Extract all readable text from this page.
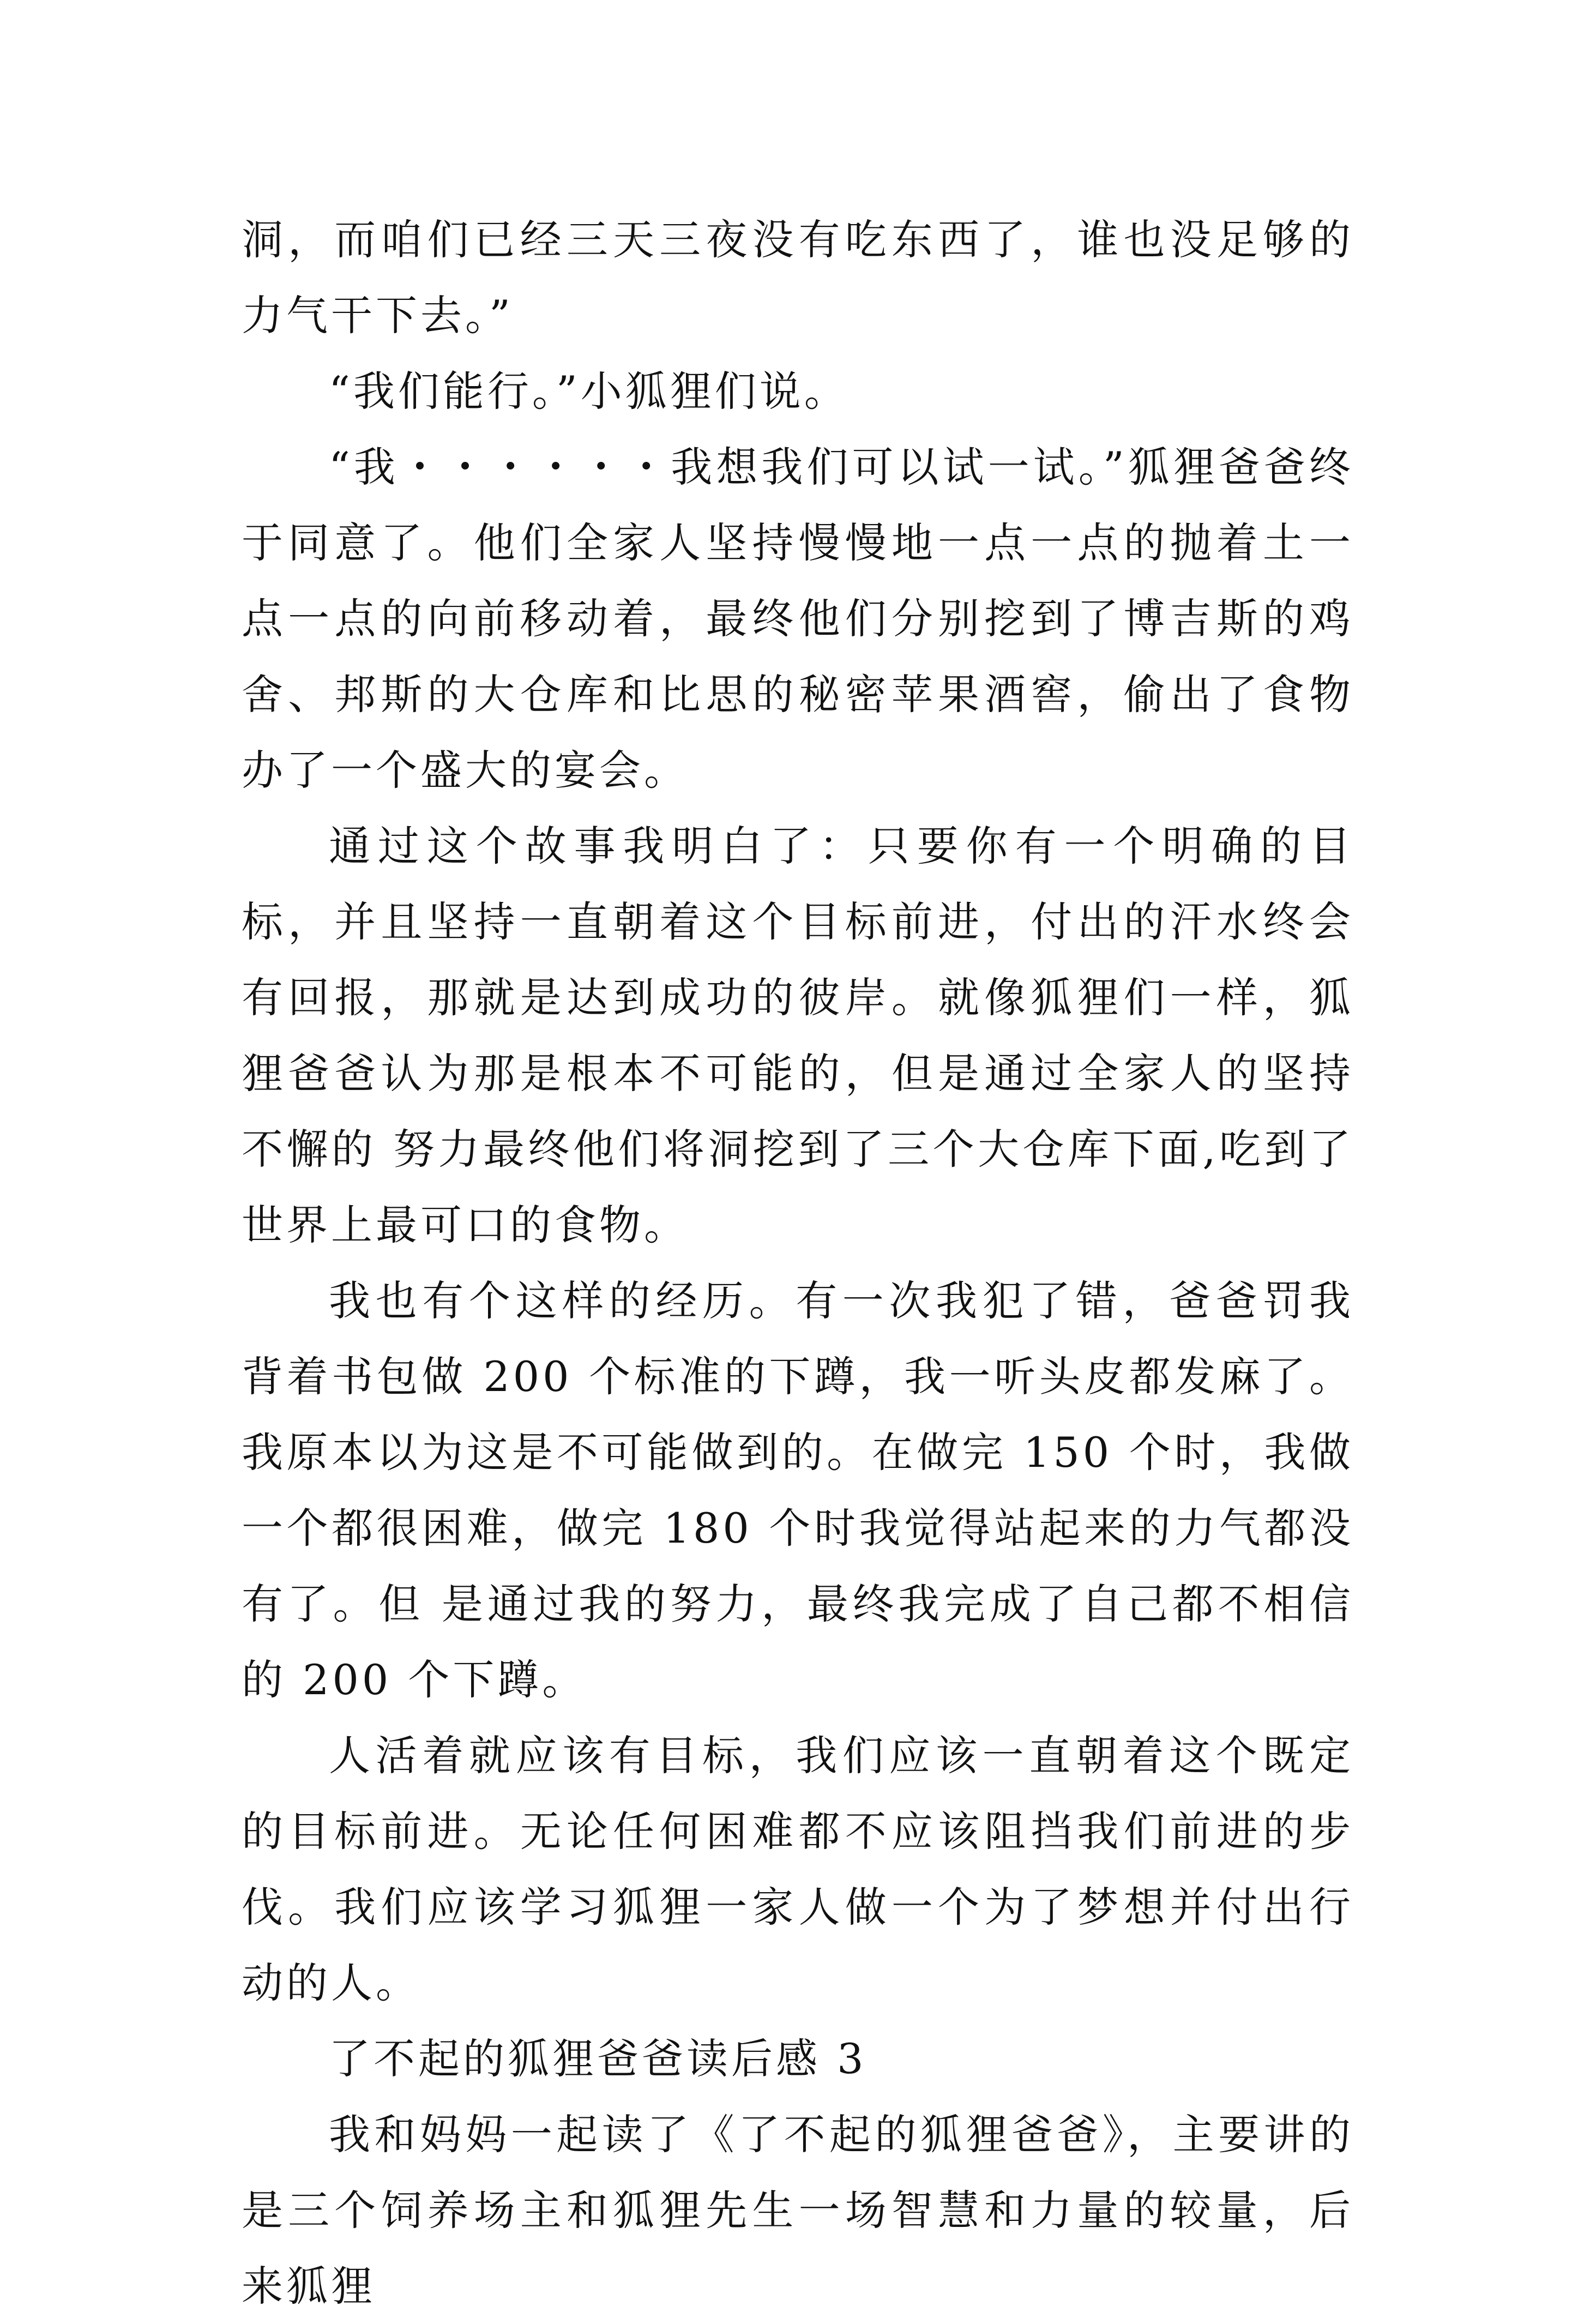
洞，而咱们已经三天三夜没有吃东西了，谁也没足够的力气干下去。”

“我们能行。”小狐狸们说。

“我・・・・・・我想我们可以试一试。”狐狸爸爸终于同意了。他们全家人坚持慢慢地一点一点的抛着土一点一点的向前移动着，最终他们分别挖到了博吉斯的鸡舍、邦斯的大仓库和比思的秘密苹果酒窖，偷出了食物 办了一个盛大的宴会。

通过这个故事我明白了：只要你有一个明确的目标，并且坚持一直朝着这个目标前进，付出的汗水终会有回报，那就是达到成功的彼岸。就像狐狸们一样，狐狸爸爸认为那是根本不可能的，但是通过全家人的坚持不懈的 努力最终他们将洞挖到了三个大仓库下面,吃到了世界上最可口的食物。

我也有个这样的经历。有一次我犯了错，爸爸罚我背着书包做 200 个标准的下蹲，我一听头皮都发麻了。我原本以为这是不可能做到的。在做完 150 个时，我做一个都很困难，做完 180 个时我觉得站起来的力气都没有了。但 是通过我的努力，最终我完成了自己都不相信的 200 个下蹲。

人活着就应该有目标，我们应该一直朝着这个既定的目标前进。无论任何困难都不应该阻挡我们前进的步伐。我们应该学习狐狸一家人做一个为了梦想并付出行动的人。

了不起的狐狸爸爸读后感 3

我和妈妈一起读了《了不起的狐狸爸爸》，主要讲的是三个饲养场主和狐狸先生一场智慧和力量的较量，后来狐狸
